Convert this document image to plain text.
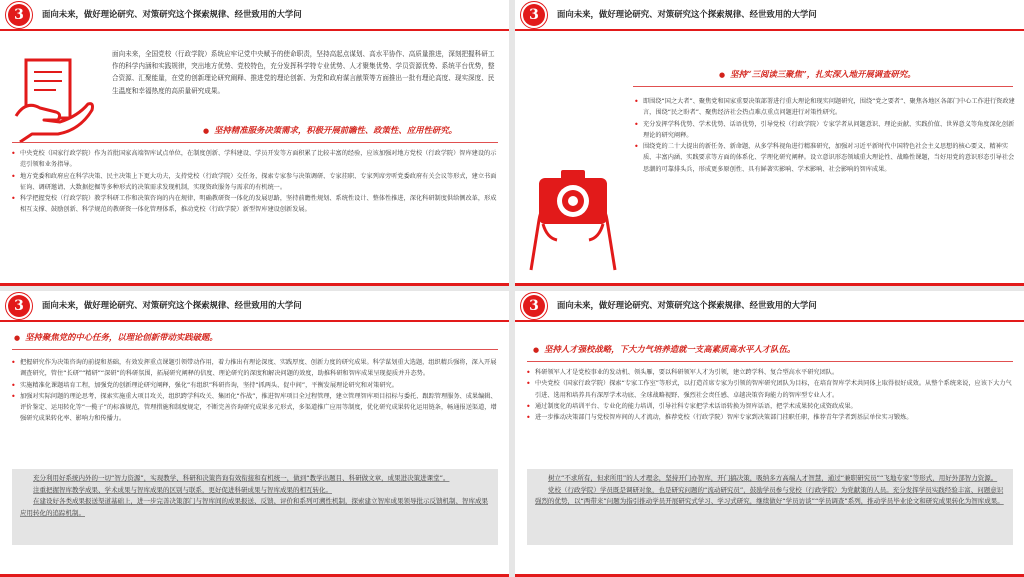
3	面向未来，做好理论研究、对策研究这个探索规律、经世致用的大学问

面向未来，全国党校（行政学院）系统应牢记党中央赋予的使命职责，坚持高起点谋划、高水平协作、高质量推进，深刻把握科研工作的科学内涵和实践规律，突出地方优势、党校特色，充分发挥科学特专业优势、人才聚集优势、学员资源优势、系统平台优势，整合资源、汇聚能量，在党的创新理论研究阐释、推进党的理论创新、为党和政府谋言献策等方面推出一批有理论高度、现实深度、民生温度和幸福热度的高质量研究成果。

● 坚持精准服务决策需求，积极开展前瞻性、政策性、应用性研究。
• 中央党校（国家行政学院）作为首批国家高端智库试点单位，在制度创新、学科建设、学员开发等方面积累了比较丰富的经验，应该加强对地方党校（行政学院）智库建设的示范引领和业务指导。
• 地方党委和政府应在科学决策、民主决策上下更大功夫，支持党校（行政学院）交任务，探索专家参与决策调研、专家挂职、专家列席旁听党委政府有关会议等形式，建立书面征询、调研邀请、大数据挖掘等多种形式的决策需求发现机制，实现资政服务与需求的有机统一。
• 科学把握党校（行政学院）教学科研工作和决策咨询的内在规律，明确教研资一体化的发展思路，坚持前瞻性规划、系统性设计、整体性推进，深化科研制度供给侧改革，形成相互支撑、鼓励创新、科学规范的教研资一体化管理体系，推动党校（行政学院）新型智库建设创新发展。
3	面向未来，做好理论研究、对策研究这个探索规律、经世致用的大学问
● 坚持“三阅读三聚焦”，扎实深入地开展调查研究。
• 即围绕“国之大者”、聚焦党和国家重要决策部署进行重大理论和现实问题研究，围绕“党之要者”、聚焦各地区各部门中心工作进行资政建言，围绕“民之盼者”、聚焦经济社会热点难点重点问题进行对策性研究。
• 充分发挥学科优势、学术优势、话语优势，引导党校（行政学院）专家学者从问题意识、理论贡献、实践价值、世界意义等角度深化创新理论的研究阐释。
• 围绕党的二十大提出的新任务、新命题，从多学科视角进行精准研究，加强对习近平新时代中国特色社会主义思想的核心要义、精神实质、丰富内涵、实践要求等方面的体系化、学理化研究阐释。设立意识形态领域重大理论性、战略性课题，当好用党的意识形态引导社会思潮的可靠排头兵，形成更多原创性、具有鲜著实影响、学术影响、社会影响的智库成果。
3	面向未来，做好理论研究、对策研究这个探索规律、经世致用的大学问
● 坚持聚焦党的中心任务，以理论创新带动实践破题。
• 把握研究作为决策咨询的前提和基础，有效发挥重点课题引领带动作用，着力推出有理论深度、实践厚度、创新力度的研究成果。科学谋划重大选题，组织精兵强将，深入开展调查研究，管住“长研”“精研”“深研”的科研氛围，拓展研究阐释的信度、理论研究的深度和解决问题的效度，助推科研和智库成果呈现提质并升态势。
• 实施精准化课题培育工程，加强党的创新理论研究阐释，强化“有组织”科研咨询，坚持“抓两头、促中间”，平衡发展理论研究和对策研究。
• 加强对实际问题的理论思考，探索实施重大项目攻关，组织跨学科攻关、集团化“作战”，推进智库项目全过程管理，建立管理智库项目招标与委托、跟踪管理服务、成果编辑、评价鉴定、运用转化等“一揽子”的标准规范，管理措施和制度规定，不断完善咨询研究成果多元形式，多渠道推广应用等制度，优化研究成果转化运用链条，畅通报送渠道，增强研究成果转化率、影响力和传播力。

充分利用好系统内外的一切“智力资源”，实现教学、科研和决策咨询有效衔接和有机统一，做到“教学出题目、科研做文章，成果进决策进课堂”。

注重把握智库教学成果、学术成果与智库成果的区别与联系，更好促进科研成果与智库成果的相互转化。

在建设好各类成果报送渠道基础上，进一步完善决策部门与智库间的成果报送、反馈、评价和系列可溯性机制，探索建立智库成果领导批示反馈机制、智库成果应用转化的追踪机制。

3	面向未来，做好理论研究、对策研究这个探索规律、经世致用的大学问
● 坚持人才强校战略，下大力气培养造就一支高素质高水平人才队伍。
• 科研领军人才是党校事业的发动机、领头雁，要以科研领军人才为引领，建立跨学科、复合型高水平研究团队。
• 中央党校（国家行政学院）探索“专家工作室”等形式，以打造首席专家为引领的智库研究团队为目标，在培育智库学术共同体上取得很好成效。从整个系统来说，应该下大力气引进、选用和培养具有深厚学术功底、全球战略视野、强烈社会责任感、卓越决策咨询能力的智库型专业人才。
• 通过制度化的培训平台、专业化的能力培训，引导社科专家把学术话语转换为智库话语，把学术成果转化成资政成果。
• 进一步推动决策部门与党校智库间的人才流动，推荐党校（行政学院）智库专家到决策部门挂职任职，推荐青年学者到基层单位实习锻炼。

树立“不求所有，但求所用”的人才理念，坚持开门办智库，开门搞决策，吸纳多方高端人才智慧，通过“兼职研究员”“飞地专家”等形式，用好外部智力资源。

党校（行政学院）学员既是调研对象，也是研究问题的“流动研究员”，鼓励学员参与党校（行政学院）为党献策的人员。充分发挥学员实践经验丰富、问题意识强烈的优势，以“两带来”问题为指引推动学员开展研究式学习、学习式研究，继续做好“学员访谈”“学员调查”系列，推动学员毕业论文和研究成果转化为智库成果。
